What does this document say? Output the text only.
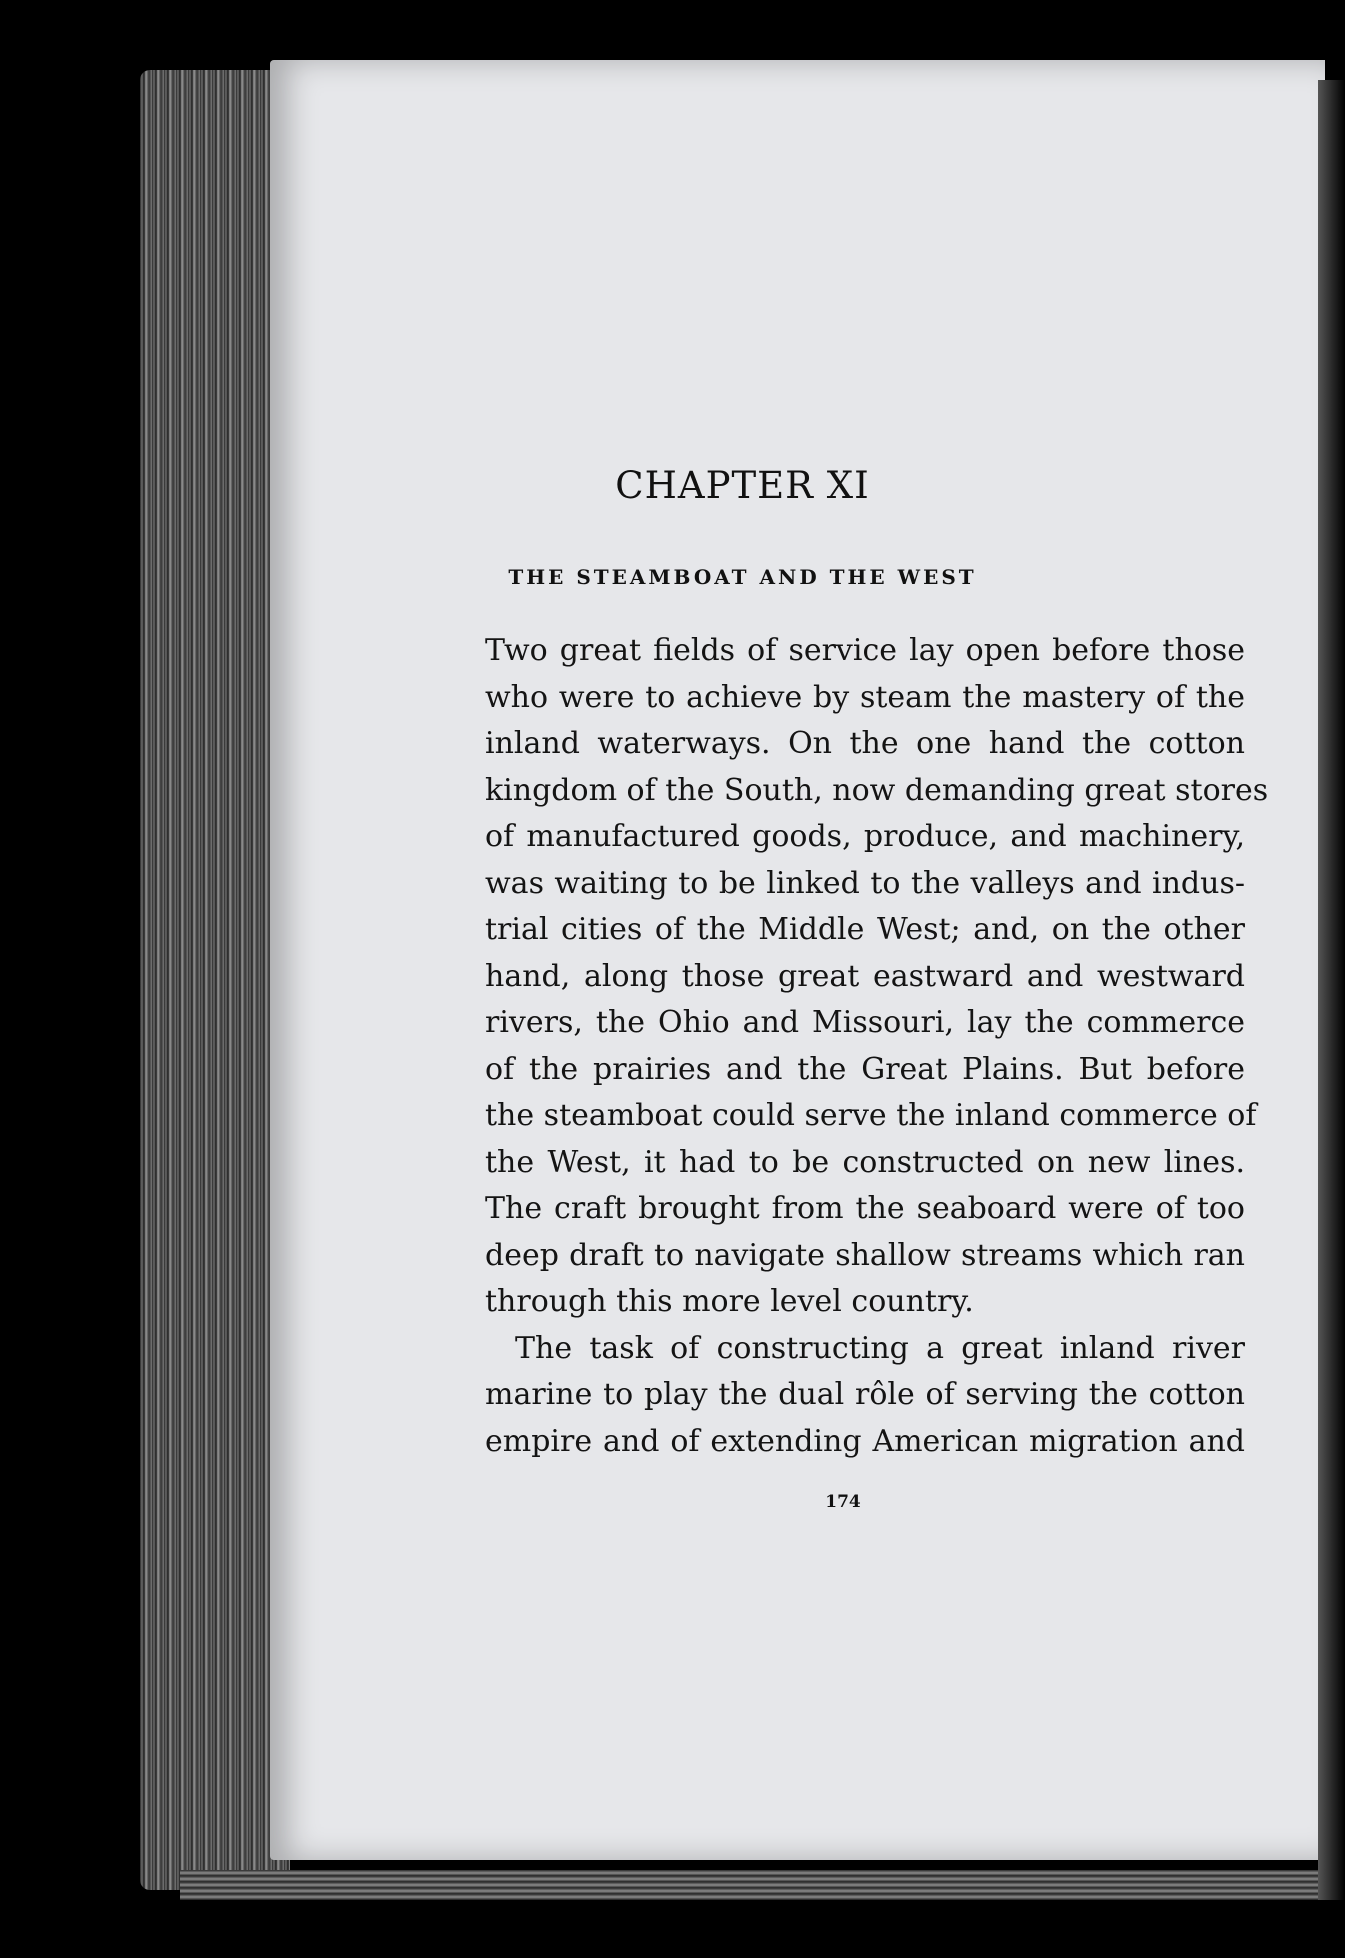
CHAPTER XI
THE STEAMBOAT AND THE WEST
Two great fields of service lay open before those
who were to achieve by steam the mastery of the
inland waterways. On the one hand the cotton
kingdom of the South, now demanding great stores
of manufactured goods, produce, and machinery,
was waiting to be linked to the valleys and indus-
trial cities of the Middle West; and, on the other
hand, along those great eastward and westward
rivers, the Ohio and Missouri, lay the commerce
of the prairies and the Great Plains. But before
the steamboat could serve the inland commerce of
the West, it had to be constructed on new lines.
The craft brought from the seaboard were of too
deep draft to navigate shallow streams which ran
through this more level country.
The task of constructing a great inland river
marine to play the dual rôle of serving the cotton
empire and of extending American migration and
174
